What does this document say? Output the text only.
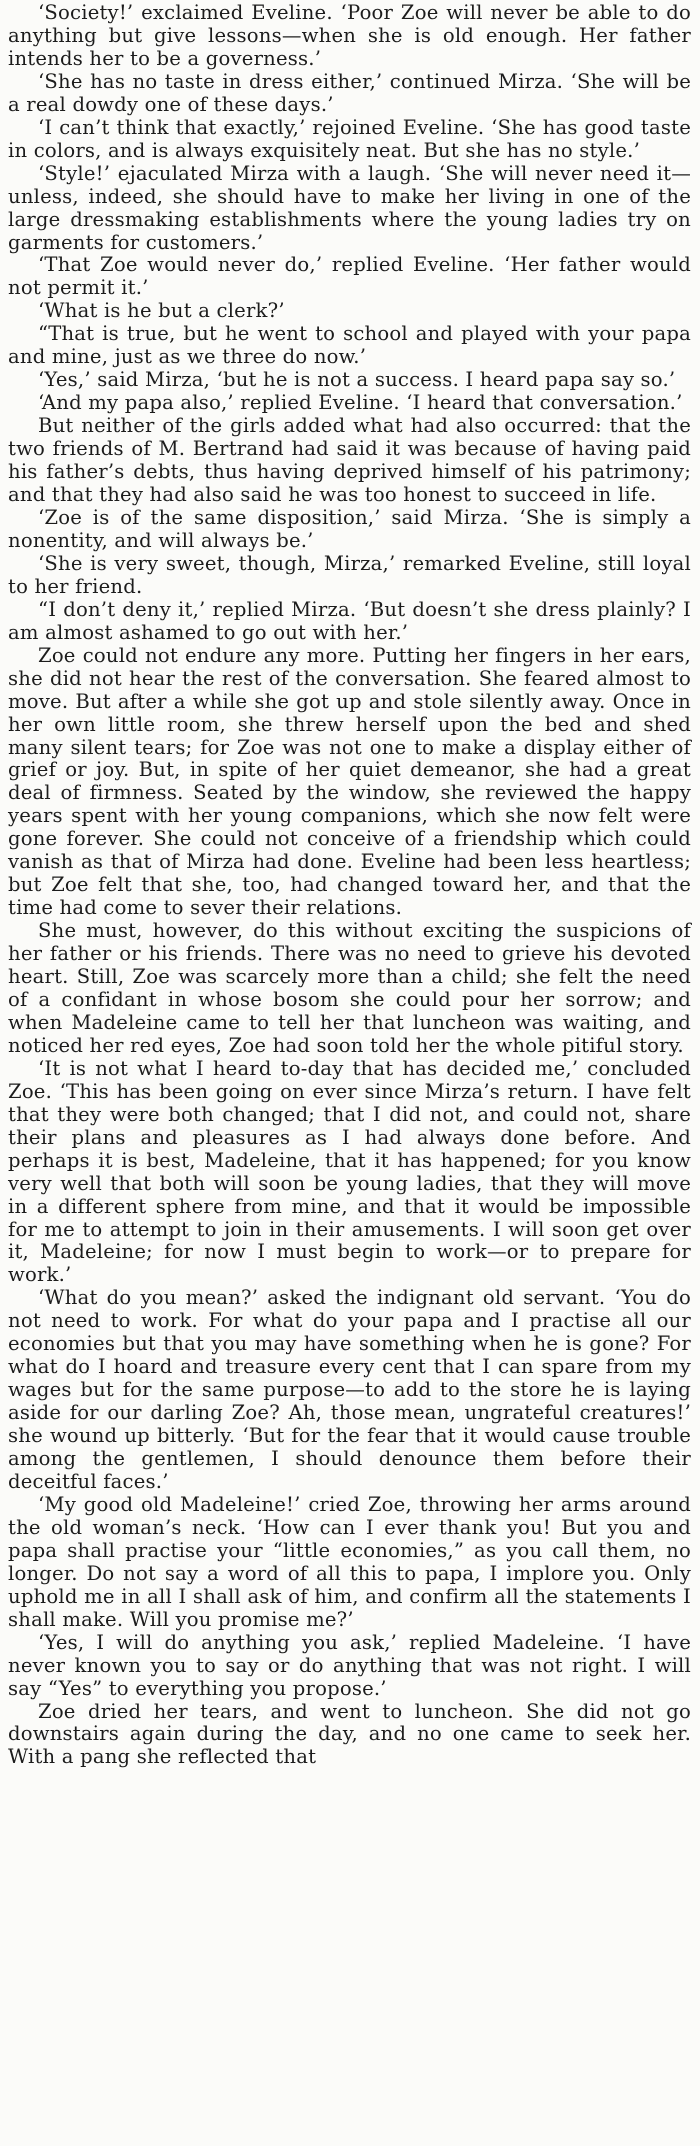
‘Society!’ exclaimed Eveline. ‘Poor Zoe will never be able to do anything but give lessons—when she is old enough. Her father intends her to be a governess.’

‘She has no taste in dress either,’ continued Mirza. ‘She will be a real dowdy one of these days.’

‘I can’t think that exactly,’ rejoined Eveline. ‘She has good taste in colors, and is always exquisitely neat. But she has no style.’

‘Style!’ ejaculated Mirza with a laugh. ‘She will never need it—unless, indeed, she should have to make her living in one of the large dressmaking establishments where the young ladies try on garments for customers.’

‘That Zoe would never do,’ replied Eveline. ‘Her father would not permit it.’

‘What is he but a clerk?’

“That is true, but he went to school and played with your papa and mine, just as we three do now.’

‘Yes,’ said Mirza, ‘but he is not a success. I heard papa say so.’

‘And my papa also,’ replied Eveline. ‘I heard that conversation.’

But neither of the girls added what had also occurred: that the two friends of M. Bertrand had said it was because of having paid his father’s debts, thus having deprived himself of his patrimony; and that they had also said he was too honest to succeed in life.

‘Zoe is of the same disposition,’ said Mirza. ‘She is simply a nonentity, and will always be.’

‘She is very sweet, though, Mirza,’ remarked Eveline, still loyal to her friend.

“I don’t deny it,’ replied Mirza. ‘But doesn’t she dress plainly? I am almost ashamed to go out with her.’

Zoe could not endure any more. Putting her fingers in her ears, she did not hear the rest of the conversation. She feared almost to move. But after a while she got up and stole silently away. Once in her own little room, she threw herself upon the bed and shed many silent tears; for Zoe was not one to make a display either of grief or joy. But, in spite of her quiet demeanor, she had a great deal of firmness. Seated by the window, she reviewed the happy years spent with her young companions, which she now felt were gone forever. She could not conceive of a friendship which could vanish as that of Mirza had done. Eveline had been less heartless; but Zoe felt that she, too, had changed toward her, and that the time had come to sever their relations.

She must, however, do this without exciting the suspicions of her father or his friends. There was no need to grieve his devoted heart. Still, Zoe was scarcely more than a child; she felt the need of a confidant in whose bosom she could pour her sorrow; and when Madeleine came to tell her that luncheon was waiting, and noticed her red eyes, Zoe had soon told her the whole pitiful story.

‘It is not what I heard to-day that has decided me,’ concluded Zoe. ‘This has been going on ever since Mirza’s return. I have felt that they were both changed; that I did not, and could not, share their plans and pleasures as I had always done before. And perhaps it is best, Madeleine, that it has happened; for you know very well that both will soon be young ladies, that they will move in a different sphere from mine, and that it would be impossible for me to attempt to join in their amusements. I will soon get over it, Madeleine; for now I must begin to work—or to prepare for work.’

‘What do you mean?’ asked the indignant old servant. ‘You do not need to work. For what do your papa and I practise all our economies but that you may have something when he is gone? For what do I hoard and treasure every cent that I can spare from my wages but for the same purpose—to add to the store he is laying aside for our darling Zoe? Ah, those mean, ungrateful creatures!’ she wound up bitterly. ‘But for the fear that it would cause trouble among the gentlemen, I should denounce them before their deceitful faces.’

‘My good old Madeleine!’ cried Zoe, throwing her arms around the old woman’s neck. ‘How can I ever thank you! But you and papa shall practise your “little economies,” as you call them, no longer. Do not say a word of all this to papa, I implore you. Only uphold me in all I shall ask of him, and confirm all the statements I shall make. Will you promise me?’

‘Yes, I will do anything you ask,’ replied Madeleine. ‘I have never known you to say or do anything that was not right. I will say “Yes” to everything you propose.’

Zoe dried her tears, and went to luncheon. She did not go downstairs again during the day, and no one came to seek her. With a pang she reflected that
